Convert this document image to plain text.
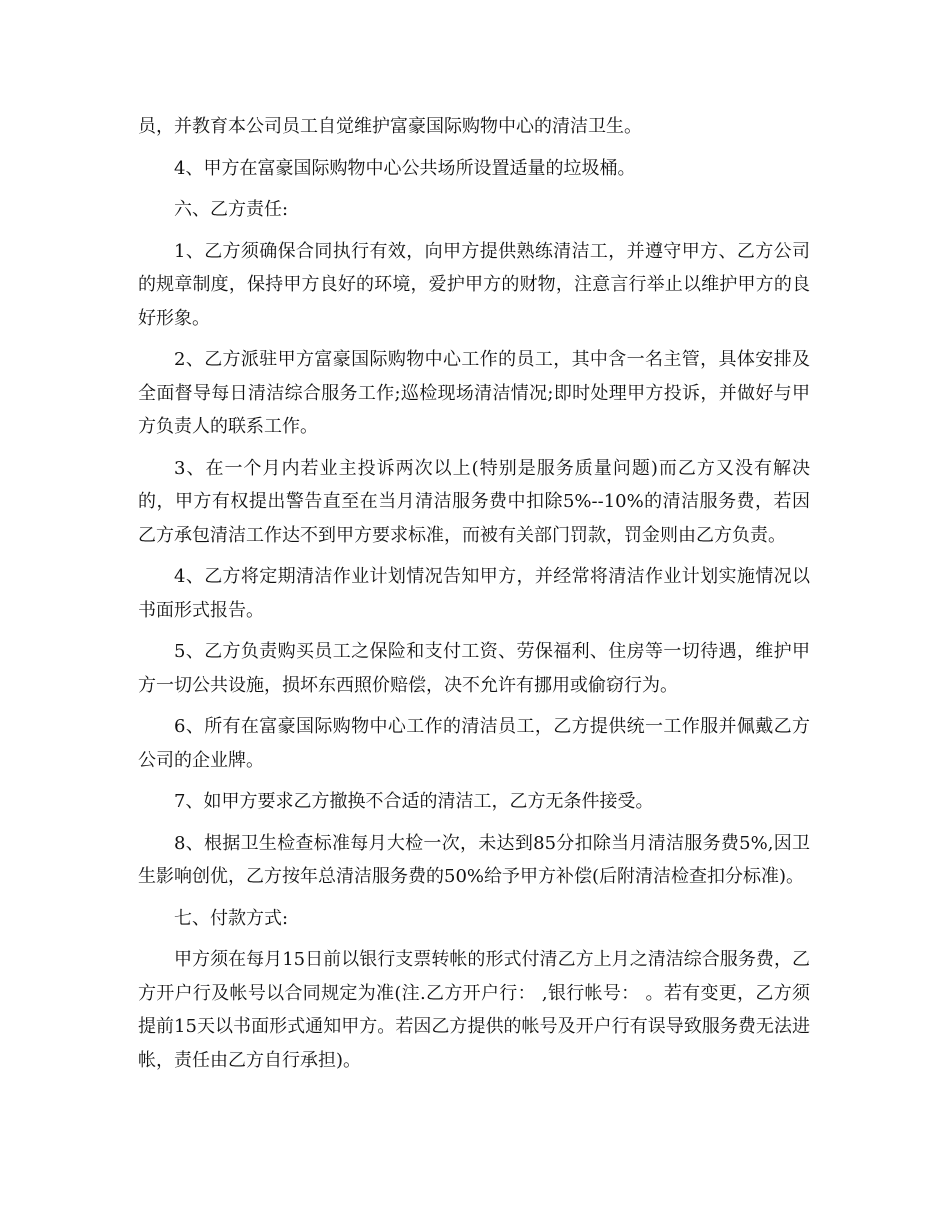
员，并教育本公司员工自觉维护富豪国际购物中心的清洁卫生。

4、甲方在富豪国际购物中心公共场所设置适量的垃圾桶。

六、乙方责任:

1、乙方须确保合同执行有效，向甲方提供熟练清洁工，并遵守甲方、乙方公司的规章制度，保持甲方良好的环境，爱护甲方的财物，注意言行举止以维护甲方的良好形象。

2、乙方派驻甲方富豪国际购物中心工作的员工，其中含一名主管，具体安排及全面督导每日清洁综合服务工作;巡检现场清洁情况;即时处理甲方投诉，并做好与甲方负责人的联系工作。

3、在一个月内若业主投诉两次以上(特别是服务质量问题)而乙方又没有解决的，甲方有权提出警告直至在当月清洁服务费中扣除5%--10%的清洁服务费，若因乙方承包清洁工作达不到甲方要求标准，而被有关部门罚款，罚金则由乙方负责。

4、乙方将定期清洁作业计划情况告知甲方，并经常将清洁作业计划实施情况以书面形式报告。

5、乙方负责购买员工之保险和支付工资、劳保福利、住房等一切待遇，维护甲方一切公共设施，损坏东西照价赔偿，决不允许有挪用或偷窃行为。

6、所有在富豪国际购物中心工作的清洁员工，乙方提供统一工作服并佩戴乙方公司的企业牌。

7、如甲方要求乙方撤换不合适的清洁工，乙方无条件接受。

8、根据卫生检查标准每月大检一次，未达到85分扣除当月清洁服务费5%,因卫生影响创优，乙方按年总清洁服务费的50%给予甲方补偿(后附清洁检查扣分标准)。

七、付款方式:

甲方须在每月15日前以银行支票转帐的形式付清乙方上月之清洁综合服务费，乙方开户行及帐号以合同规定为准(注.乙方开户行： ,银行帐号： 。若有变更，乙方须提前15天以书面形式通知甲方。若因乙方提供的帐号及开户行有误导致服务费无法进帐，责任由乙方自行承担)。
